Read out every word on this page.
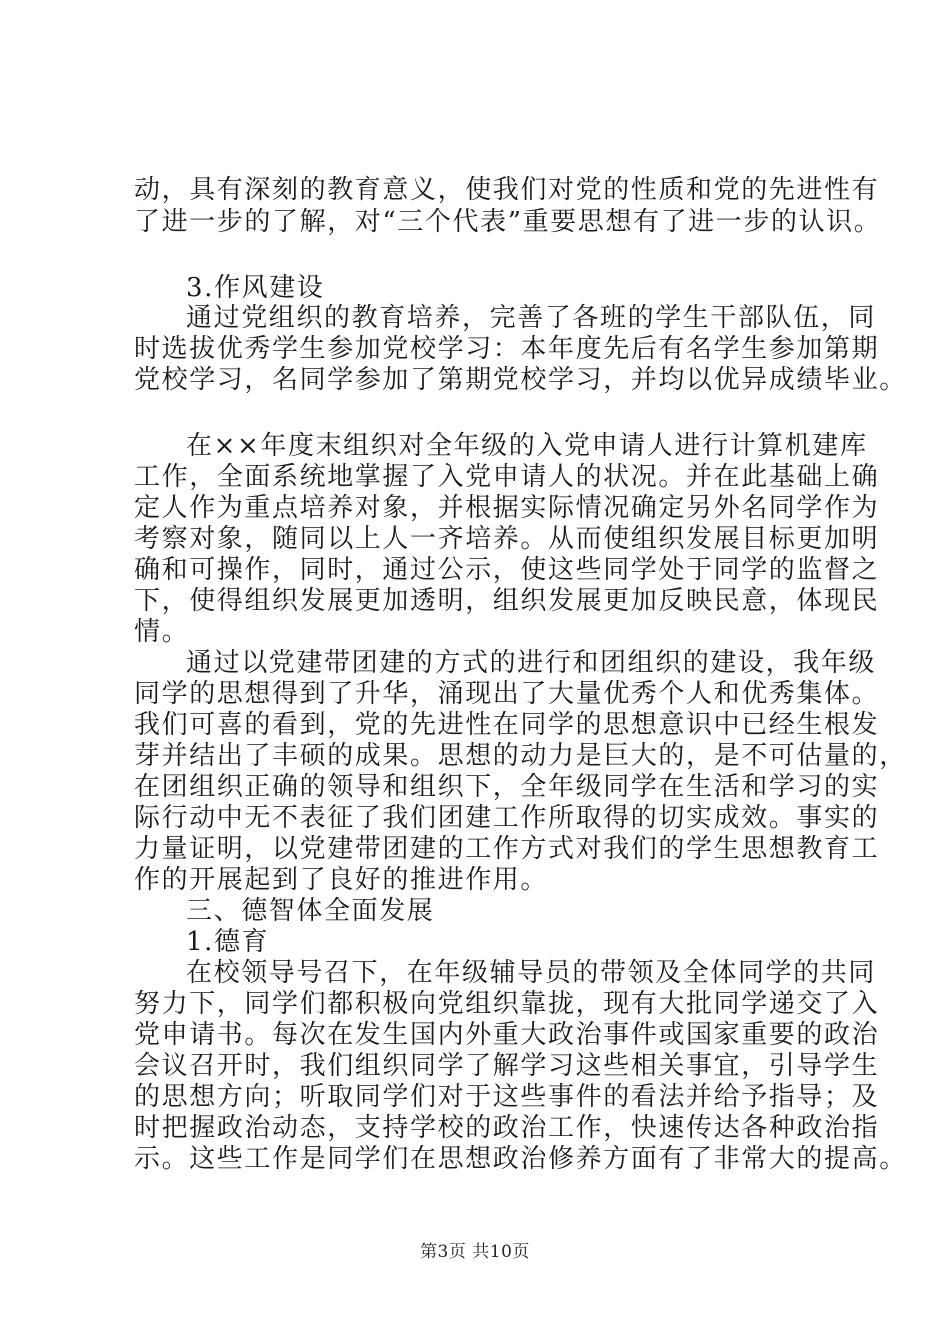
动，具有深刻的教育意义，使我们对党的性质和党的先进性有
了进一步的了解，对“三个代表”重要思想有了进一步的认识。
3.作风建设
通过党组织的教育培养，完善了各班的学生干部队伍，同
时选拔优秀学生参加党校学习：本年度先后有名学生参加第期
党校学习，名同学参加了第期党校学习，并均以优异成绩毕业。
在××年度末组织对全年级的入党申请人进行计算机建库
工作，全面系统地掌握了入党申请人的状况。并在此基础上确
定人作为重点培养对象，并根据实际情况确定另外名同学作为
考察对象，随同以上人一齐培养。从而使组织发展目标更加明
确和可操作，同时，通过公示，使这些同学处于同学的监督之
下，使得组织发展更加透明，组织发展更加反映民意，体现民
情。
通过以党建带团建的方式的进行和团组织的建设，我年级
同学的思想得到了升华，涌现出了大量优秀个人和优秀集体。
我们可喜的看到，党的先进性在同学的思想意识中已经生根发
芽并结出了丰硕的成果。思想的动力是巨大的，是不可估量的，
在团组织正确的领导和组织下，全年级同学在生活和学习的实
际行动中无不表征了我们团建工作所取得的切实成效。事实的
力量证明，以党建带团建的工作方式对我们的学生思想教育工
作的开展起到了良好的推进作用。
三、德智体全面发展
1.德育
在校领导号召下，在年级辅导员的带领及全体同学的共同
努力下，同学们都积极向党组织靠拢，现有大批同学递交了入
党申请书。每次在发生国内外重大政治事件或国家重要的政治
会议召开时，我们组织同学了解学习这些相关事宜，引导学生
的思想方向；听取同学们对于这些事件的看法并给予指导；及
时把握政治动态，支持学校的政治工作，快速传达各种政治指
示。这些工作是同学们在思想政治修养方面有了非常大的提高。
第3页 共10页
